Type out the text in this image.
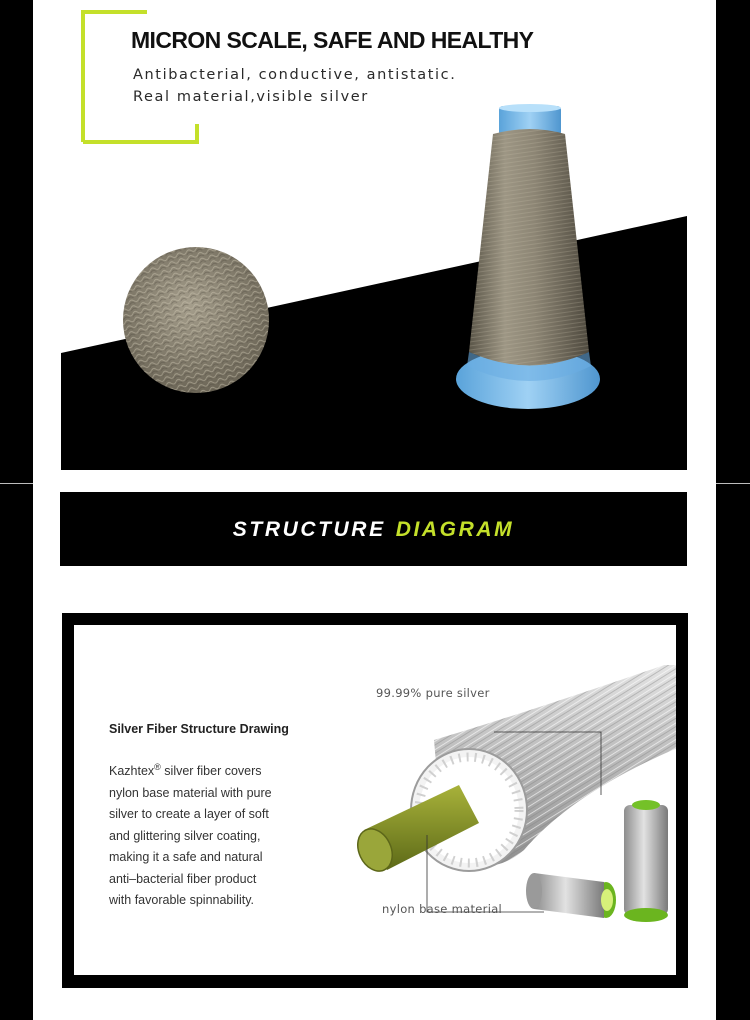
MICRON SCALE, SAFE AND HEALTHY
Antibacterial, conductive, antistatic.
Real material,visible silver
STRUCTURE DIAGRAM
Silver Fiber Structure Drawing
Kazhtex® silver fiber covers
nylon base material with pure
silver to create a layer of soft
and glittering silver coating,
making it a safe and natural
anti–bacterial fiber product
with favorable spinnability.
99.99% pure silver
nylon base material
